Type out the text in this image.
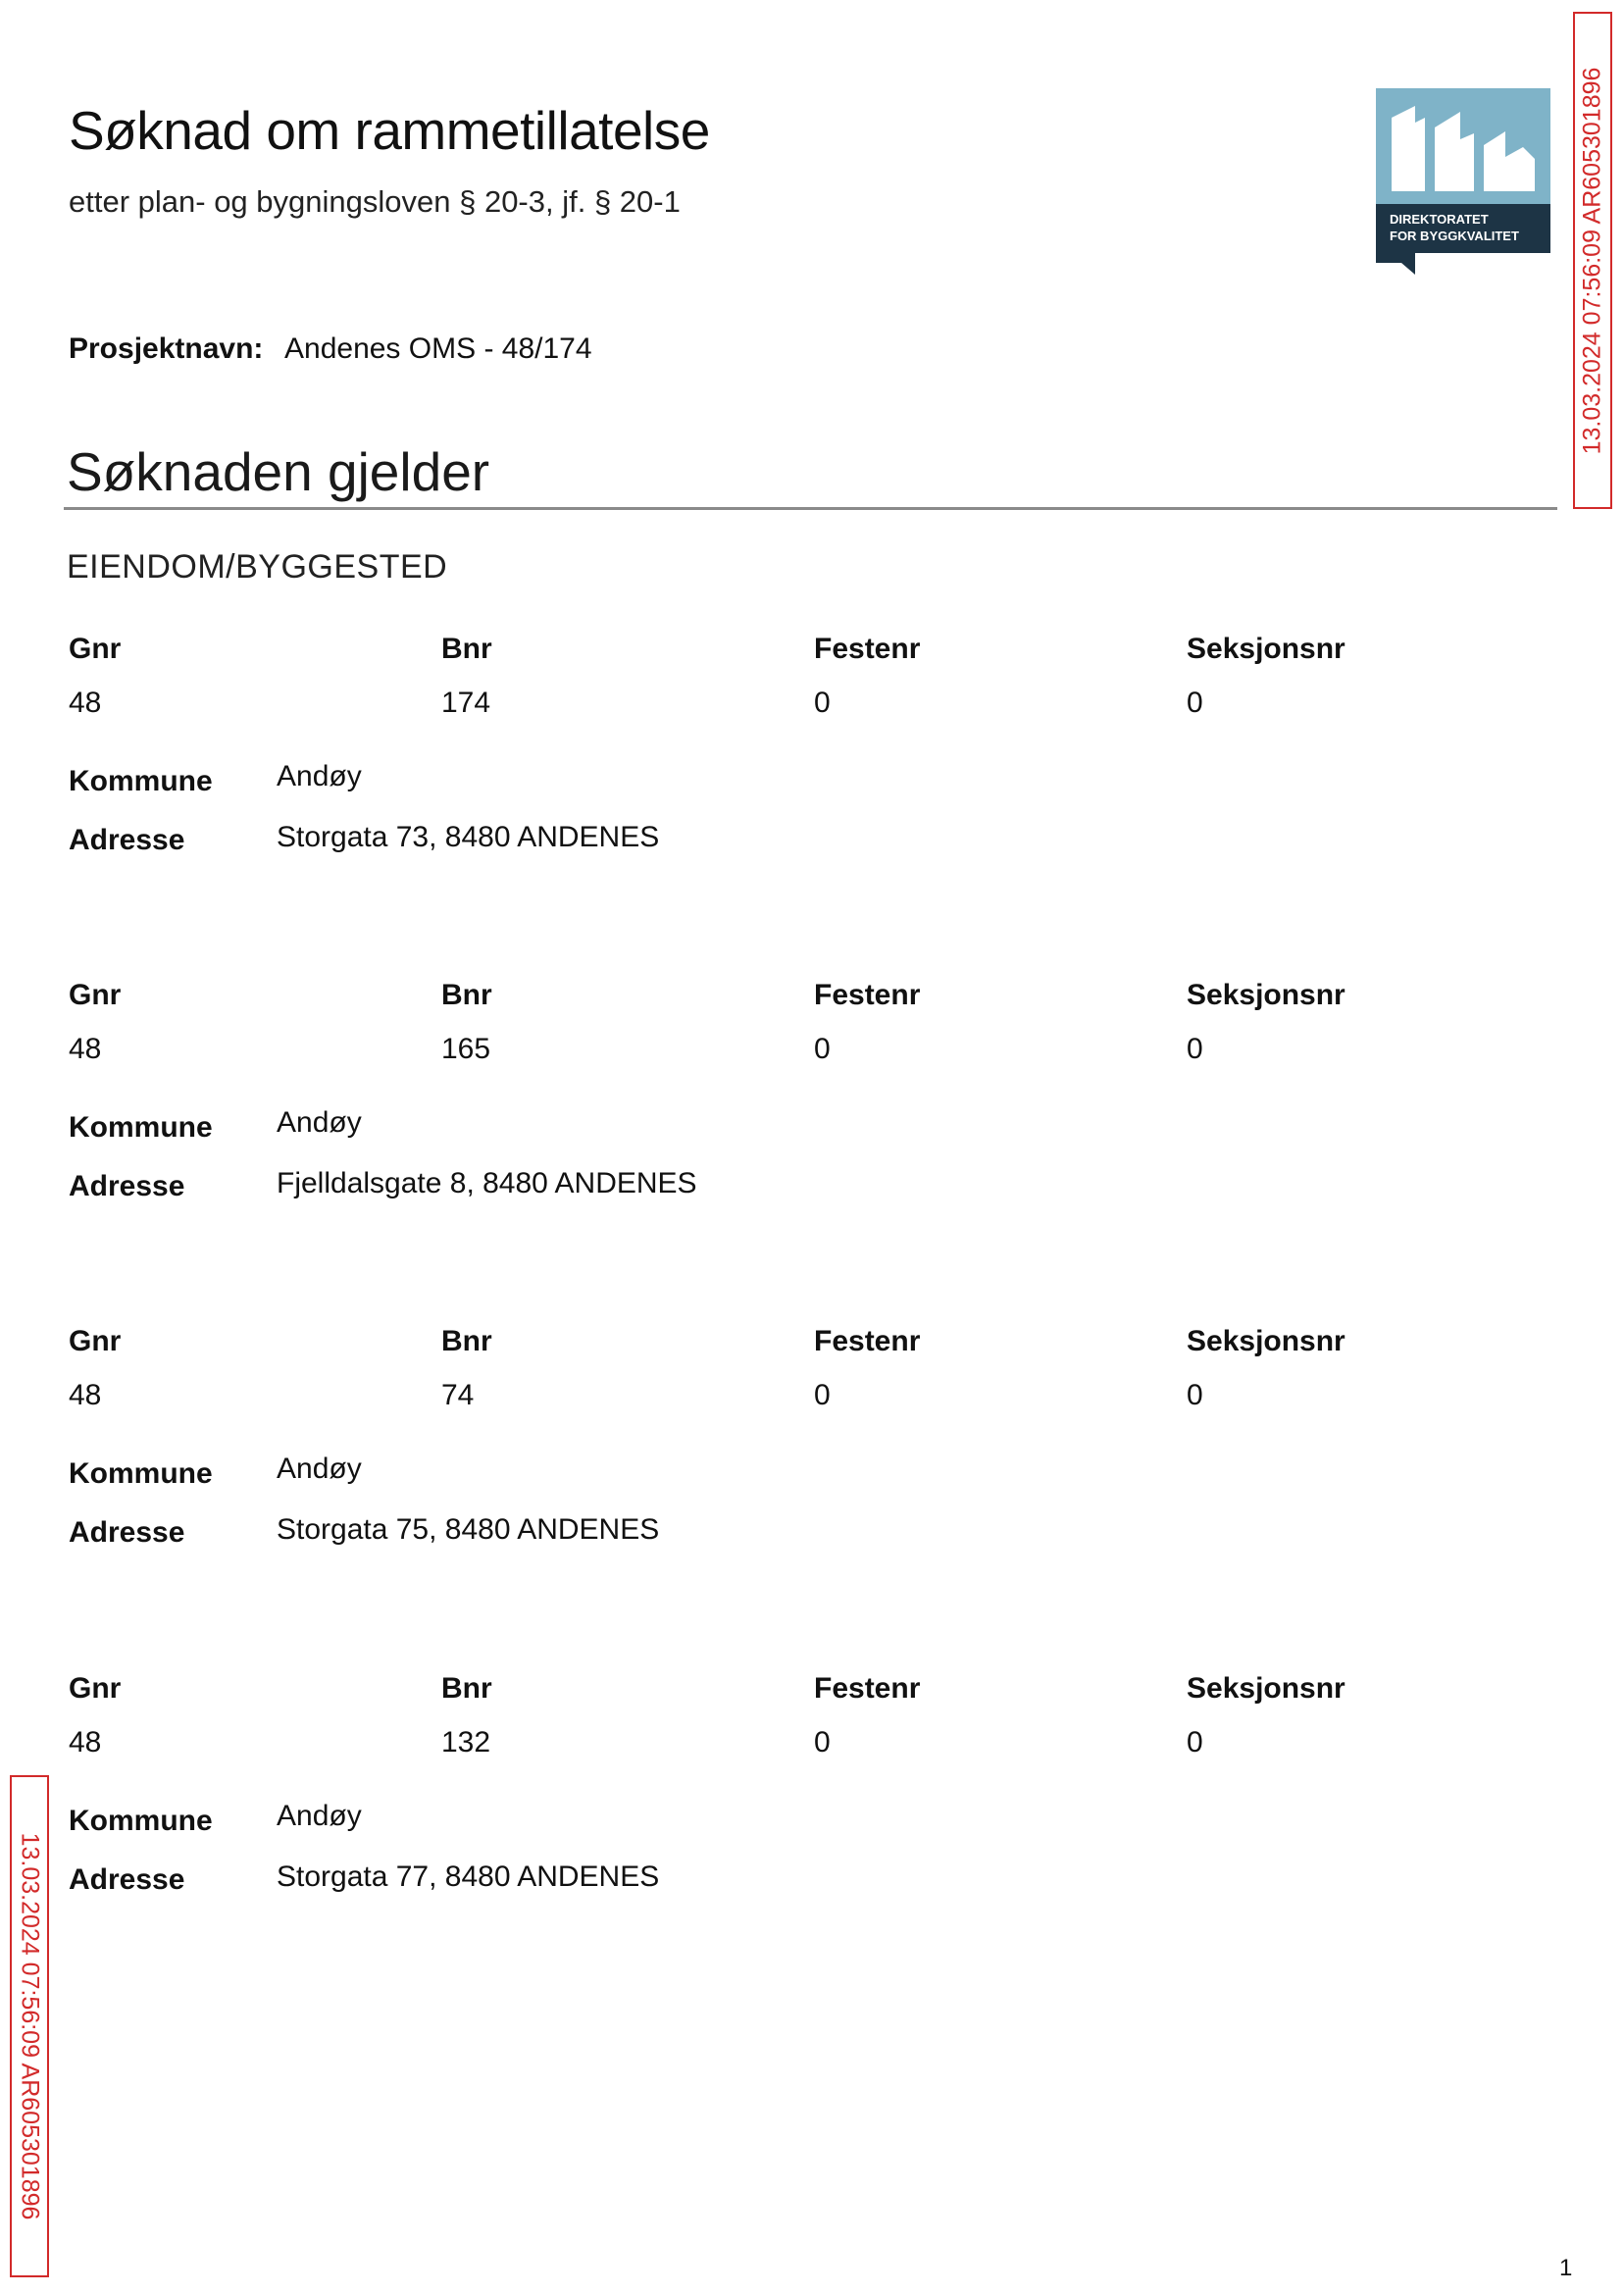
Søknad om rammetillatelse
etter plan- og bygningsloven § 20-3, jf. § 20-1
DIREKTORATET
FOR BYGGKVALITET 13.03.2024 07:56:09 AR605301896
13.03.2024 07:56:09 AR605301896
Prosjektnavn: Andenes OMS - 48/174
Søknaden gjelder
EIENDOM/BYGGESTED
Gnr	Bnr	Festenr	Seksjonsnr
48	174	0	0
Kommune Andøy
Adresse	Storgata 73, 8480 ANDENES
Gnr	Bnr	Festenr	Seksjonsnr
48	165	0	0
Kommune Andøy
Adresse	Fjelldalsgate 8, 8480 ANDENES
Gnr	Bnr	Festenr	Seksjonsnr
48	74	0	0
Kommune Andøy
Adresse	Storgata 75, 8480 ANDENES
Gnr	Bnr	Festenr	Seksjonsnr
48	132	0	0
Kommune Andøy
Adresse	Storgata 77, 8480 ANDENES
1
